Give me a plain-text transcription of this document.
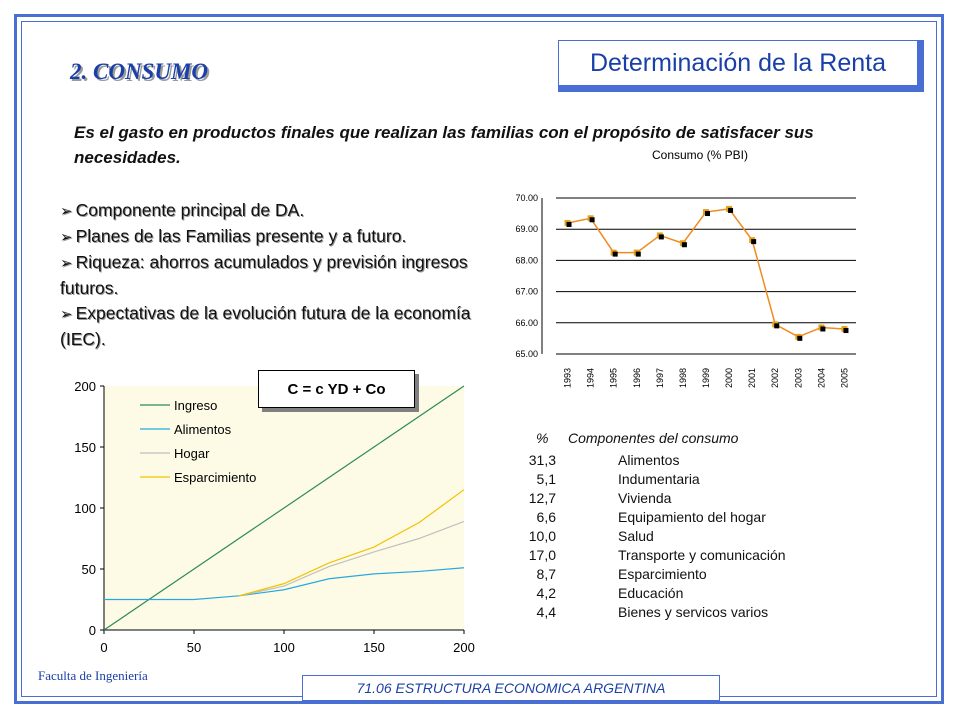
Determinación de la Renta
2. CONSUMO
Es el gasto en productos finales que realizan las familias con el propósito de satisfacer sus necesidades.
➢ Componente principal de DA.
➢ Planes de las Familias presente y a futuro.
➢ Riqueza: ahorros acumulados y previsión ingresos futuros.
➢ Expectativas de la evolución futura de la economía (IEC).
Consumo (% PBI)
65.00
66.00
67.00
68.00
69.00
70.00
1993 1994 1995 1996 1997 1998 1999 2000 2001 2002 2003 2004 2005
0
50
100
150
200
0	50	100	150	200
Ingreso
Alimentos
Hogar
Esparcimiento
C = c YD + Co
% Componentes del consumo
31,3	Alimentos
5,1	Indumentaria
12,7	Vivienda
6,6	Equipamiento del hogar
10,0	Salud
17,0	Transporte y comunicación
8,7	Esparcimiento
4,2	Educación
4,4	Bienes y servicos varios
Faculta de Ingeniería
71.06 ESTRUCTURA ECONOMICA ARGENTINA
